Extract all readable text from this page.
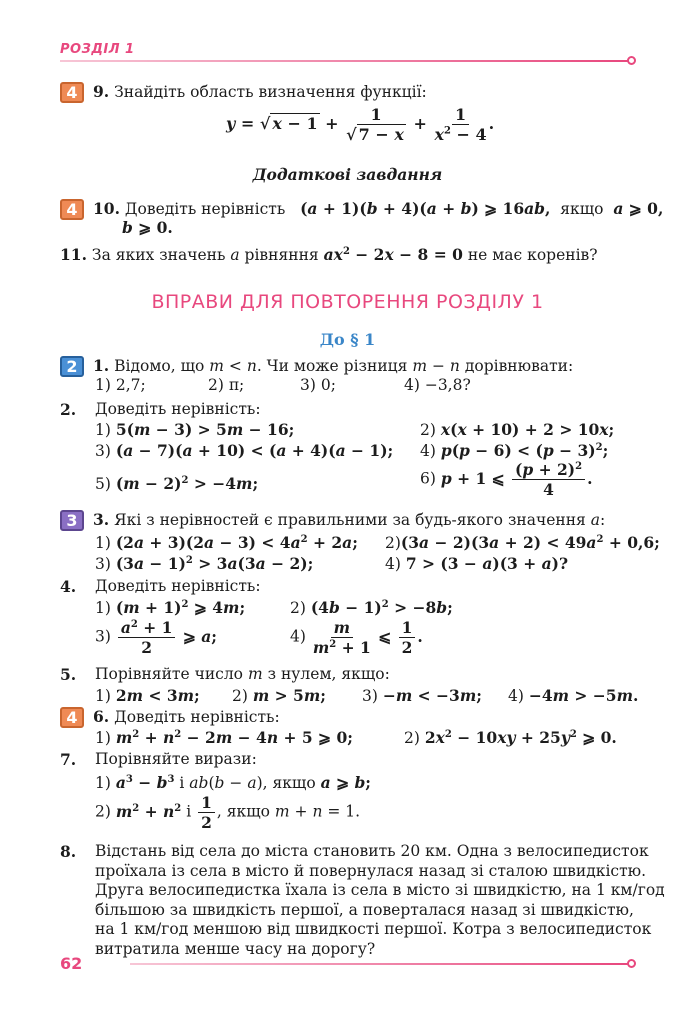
РОЗДІЛ 1
4 9. Знайдіть область визначення функції:
y = √ $x - 1 + \frac{1}{√ 7 - x} + \frac{1}{x^2 - 4}$ .
Додаткові завдання
4 10. Доведіть нерівність (a + 1)(b + 4)(a + b) ⩾ 16ab, якщо a ⩾ 0,
b ⩾ 0.
11. За яких значень a рівняння $ax^2 - 2x - 8 = 0$ не має коренів?
ВПРАВИ ДЛЯ ПОВТОРЕННЯ РОЗДІЛУ 1
До § 1
2 1. Відомо, що m < n. Чи може різниця m − n дорівнювати:
1) 2,7;	2) π;	3) 0;	4) −3,8?
2. Доведіть нерівність:
1) 5(m − 3) > 5m − 16;	2) x(x + 10) + 2 > 10x;
3) (a − 7)(a + 10) < (a + 4)(a − 1); 4) $p(p - 6) < (p - 3)^2$;
5) $(m - 2)^2 > -4m$;	6) p + 1 ⩽ $\frac{(p + 2)^2}{4}$ .
3 3. Які з нерівностей є правильними за будь-якого значення a:
1) $(2a + 3)(2a - 3) < 4a^2 + 2a$; $2)(3a - 2)(3a + 2) < 49a^2 + 0,6$;
3) $(3a - 1)^2 > 3a(3a - 2)$;	4) 7 > (3 − a)(3 + a)?
4. Доведіть нерівність:
1) $(m + 1)^2$ ⩾ 4m;	2) $(4b - 1)^2 > -8b$;
$3) \frac{a^2 + 1}{2}$ ⩾ a;	$4) \frac{m}{m^2 + 1}$ ⩽ $\frac{1}{2}$ .
5. Порівняйте число m з нулем, якщо:
1) 2m < 3m; 2) m > 5m; 3) −m < −3m; 4) −4m > −5m.
4 6. Доведіть нерівність:
1) $m^2 + n^2 - 2m - 4n + 5$ ⩾ 0;	2) $2x^2 - 10xy + 25y^2$ ⩾ 0.
7. Порівняйте вирази:
1) $a^3 - b^3$ і ab(b − a), якщо a ⩾ b;
2) $m^2 + n^2$ і $\frac{1}{2}$ , якщо m + n = 1.
8. Відстань від села до міста становить 20 км. Одна з велосипедисток
проїхала із села в місто й повернулася назад зі сталою швидкістю.
Друга велосипедистка їхала із села в місто зі швидкістю, на 1 км/год
більшою за швидкість першої, а поверталася назад зі швидкістю,
на 1 км/год меншою від швидкості першої. Котра з велосипедисток
витратила менше часу на дорогу?
62
